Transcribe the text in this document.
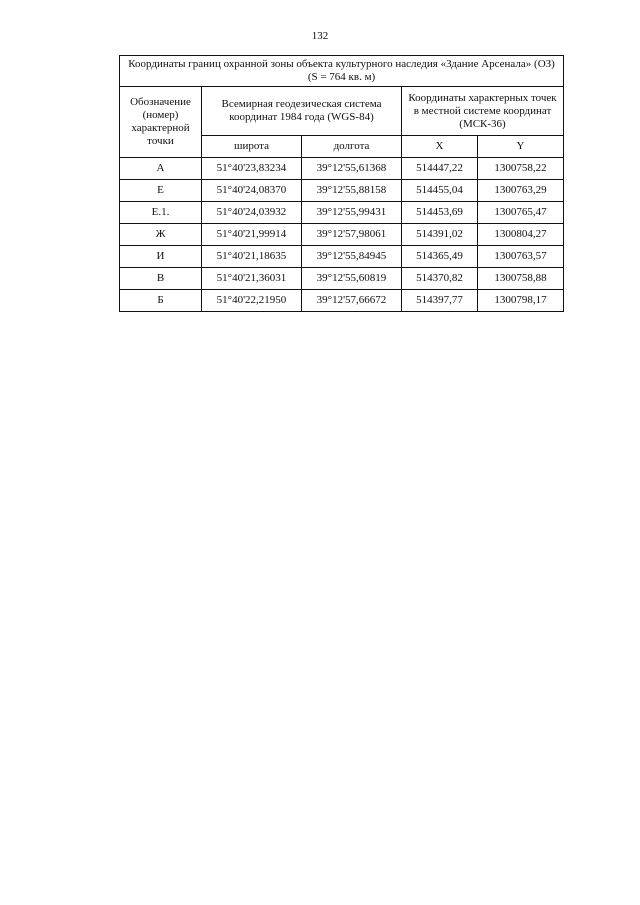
132
Координаты границ охранной зоны объекта культурного наследия «Здание Арсенала» (ОЗ) (S = 764 кв. м)				
Обозначение (номер) характерной точки	Всемирная геодезическая система координат 1984 года (WGS-84)		Координаты характерных точек в местной системе координат (МСК-36)	
	широта	долгота	X	Y
А	51°40'23,83234	39°12'55,61368	514447,22	1300758,22
Е	51°40'24,08370	39°12'55,88158	514455,04	1300763,29
Е.1.	51°40'24,03932	39°12'55,99431	514453,69	1300765,47
Ж	51°40'21,99914	39°12'57,98061	514391,02	1300804,27
И	51°40'21,18635	39°12'55,84945	514365,49	1300763,57
В	51°40'21,36031	39°12'55,60819	514370,82	1300758,88
Б	51°40'22,21950	39°12'57,66672	514397,77	1300798,17
